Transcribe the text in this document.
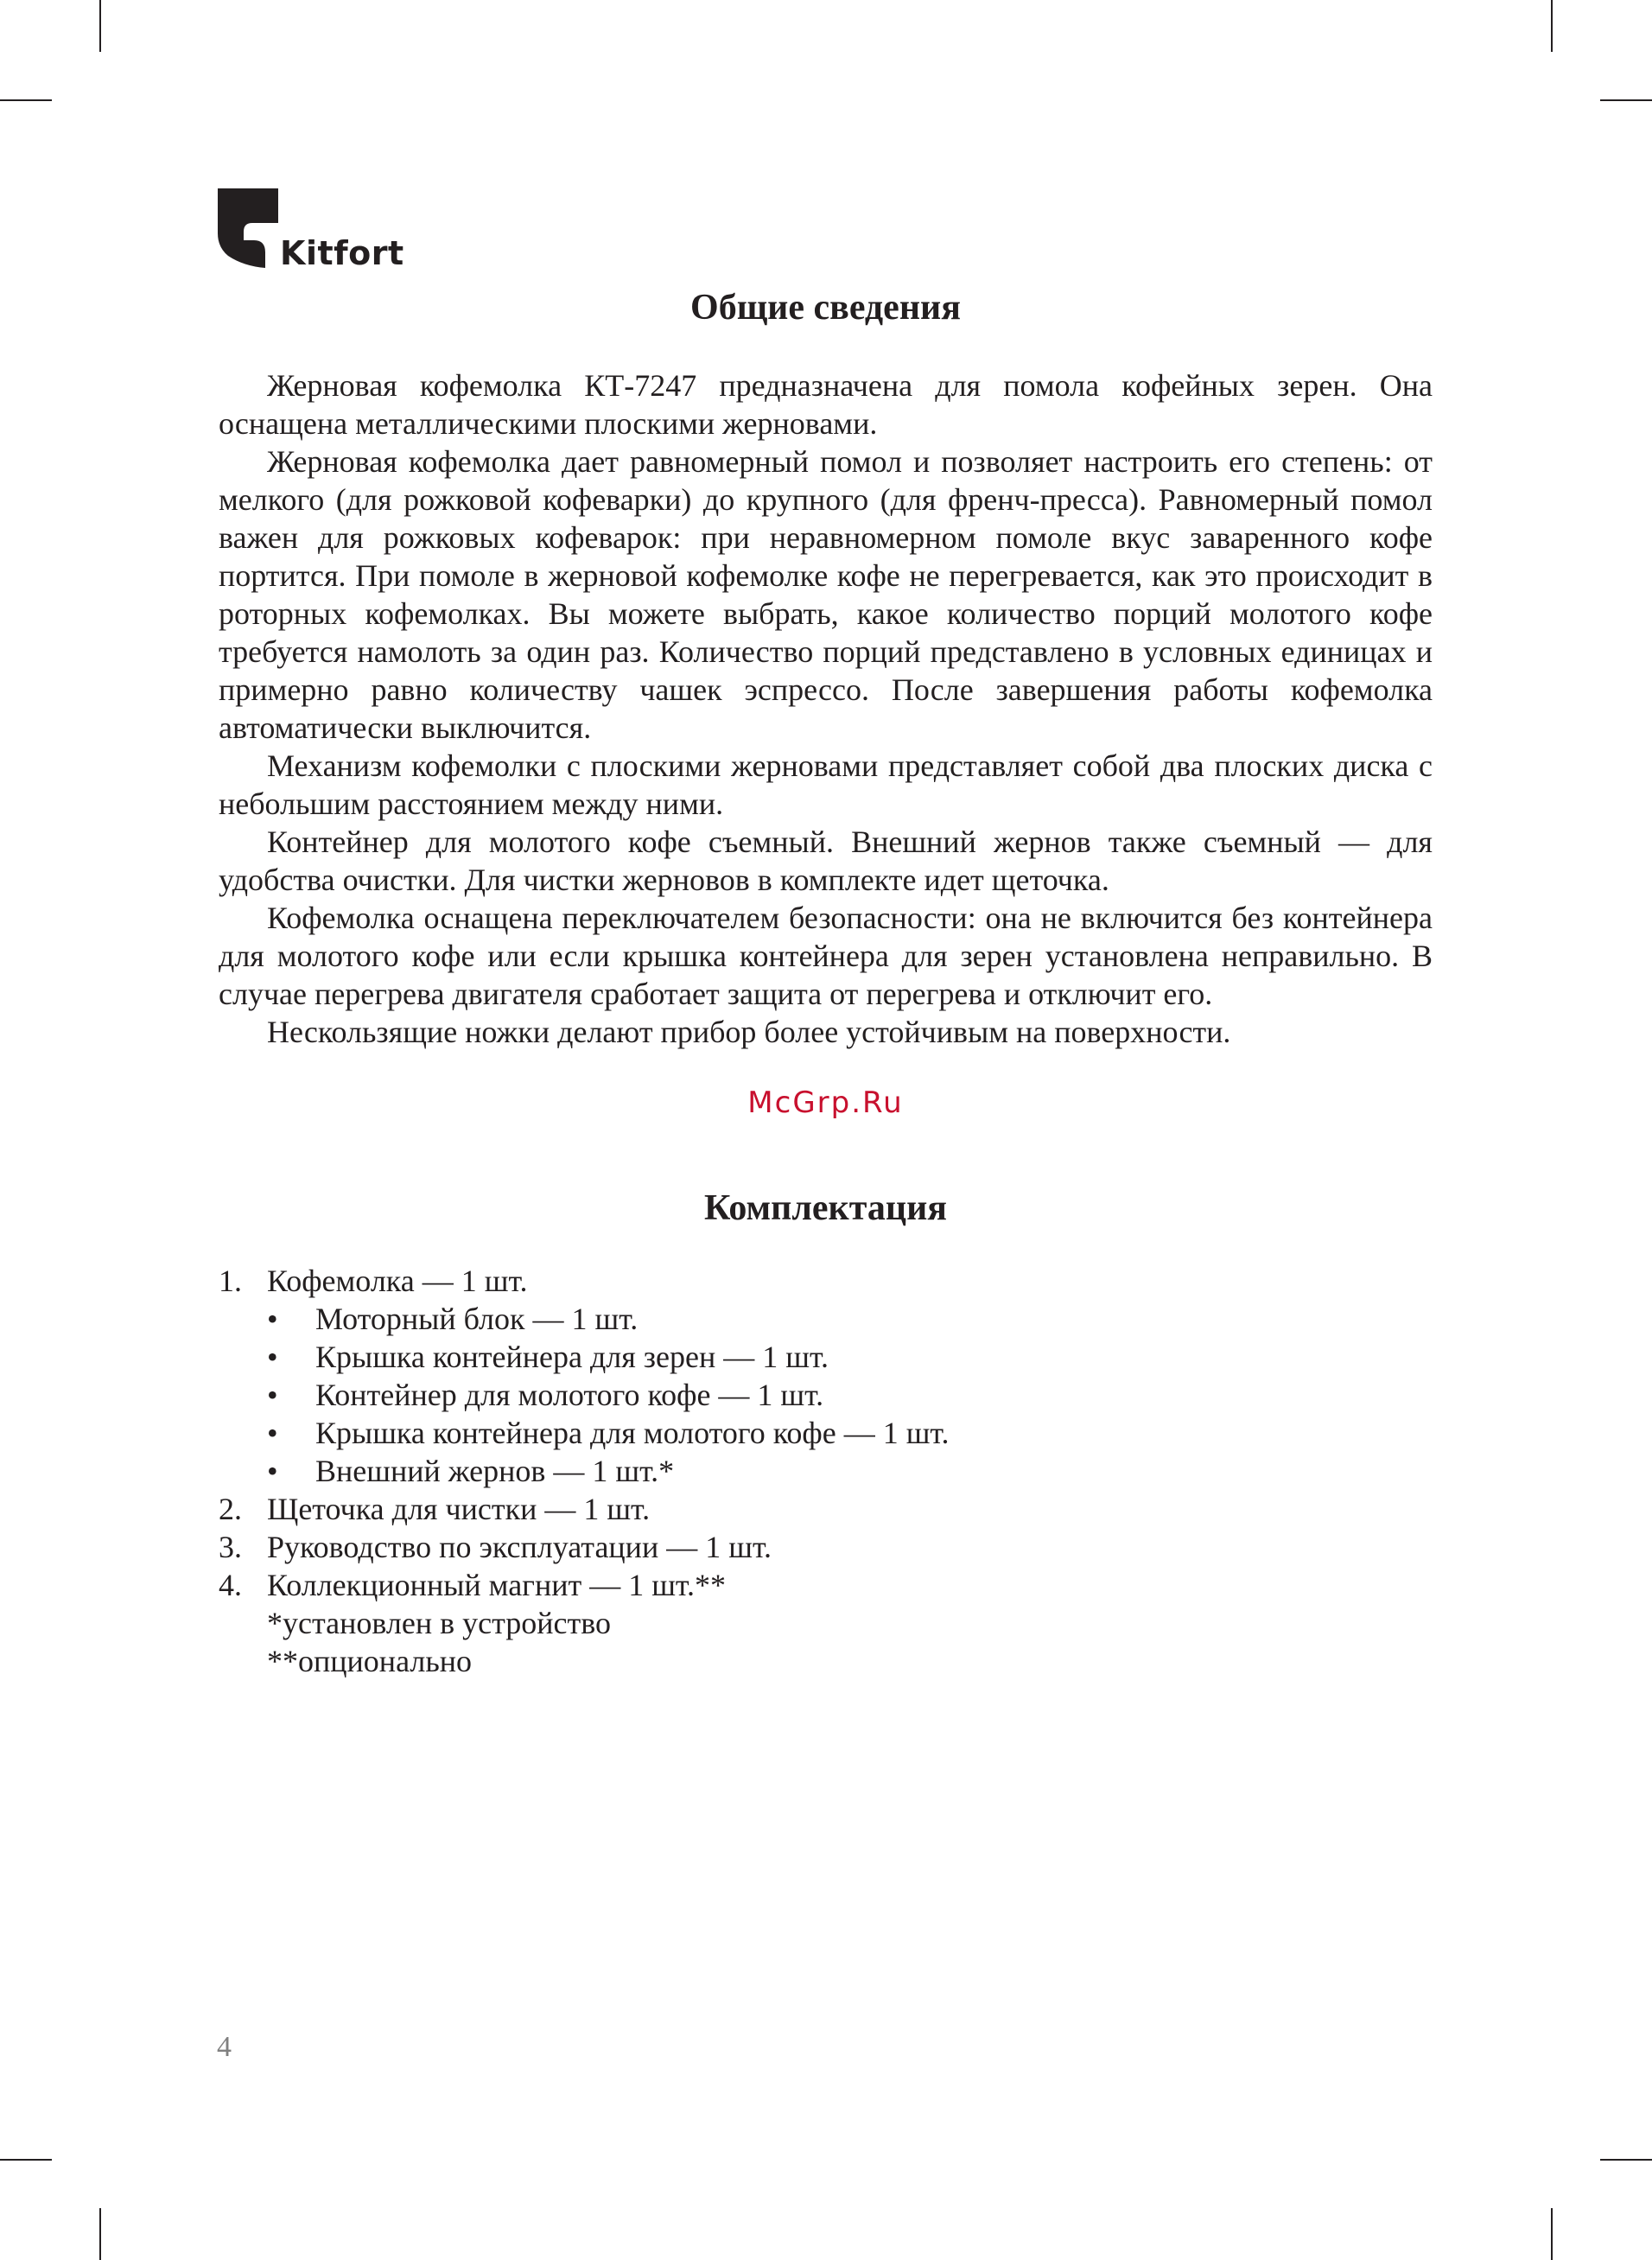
Kitfort
Общие сведения

Жерновая кофемолка КТ-7247 предназначена для помола кофейных зерен. Она оснащена металлическими плоскими жерновами.

Жерновая кофемолка дает равномерный помол и позволяет настроить его степень: от мелкого (для рожковой кофеварки) до крупного (для френч-пресса). Равномерный помол важен для рожковых кофеварок: при неравномерном помоле вкус заваренного кофе портится. При помоле в жерновой кофемолке кофе не перегревается, как это происходит в роторных кофемолках. Вы можете выбрать, какое количество порций молотого кофе требуется намолоть за один раз. Количество порций представлено в условных единицах и примерно равно количеству чашек эспрессо. После завершения работы кофемолка автоматически выключится.

Механизм кофемолки с плоскими жерновами представляет собой два плоских диска с небольшим расстоянием между ними.

Контейнер для молотого кофе съемный. Внешний жернов также съемный — для удобства очистки. Для чистки жерновов в комплекте идет щеточка.

Кофемолка оснащена переключателем безопасности: она не включится без контейнера для молотого кофе или если крышка контейнера для зерен установлена неправильно. В случае перегрева двигателя сработает защита от перегрева и отключит его.

Нескользящие ножки делают прибор более устойчивым на поверхности.

McGrp.Ru
Комплектация
1. Кофемолка — 1 шт.
• Моторный блок — 1 шт.
• Крышка контейнера для зерен — 1 шт.
• Контейнер для молотого кофе — 1 шт.
• Крышка контейнера для молотого кофе — 1 шт.
• Внешний жернов — 1 шт.*
2. Щеточка для чистки — 1 шт.
3. Руководство по эксплуатации — 1 шт.
4. Коллекционный магнит — 1 шт.**
*установлен в устройство
**опционально
4
